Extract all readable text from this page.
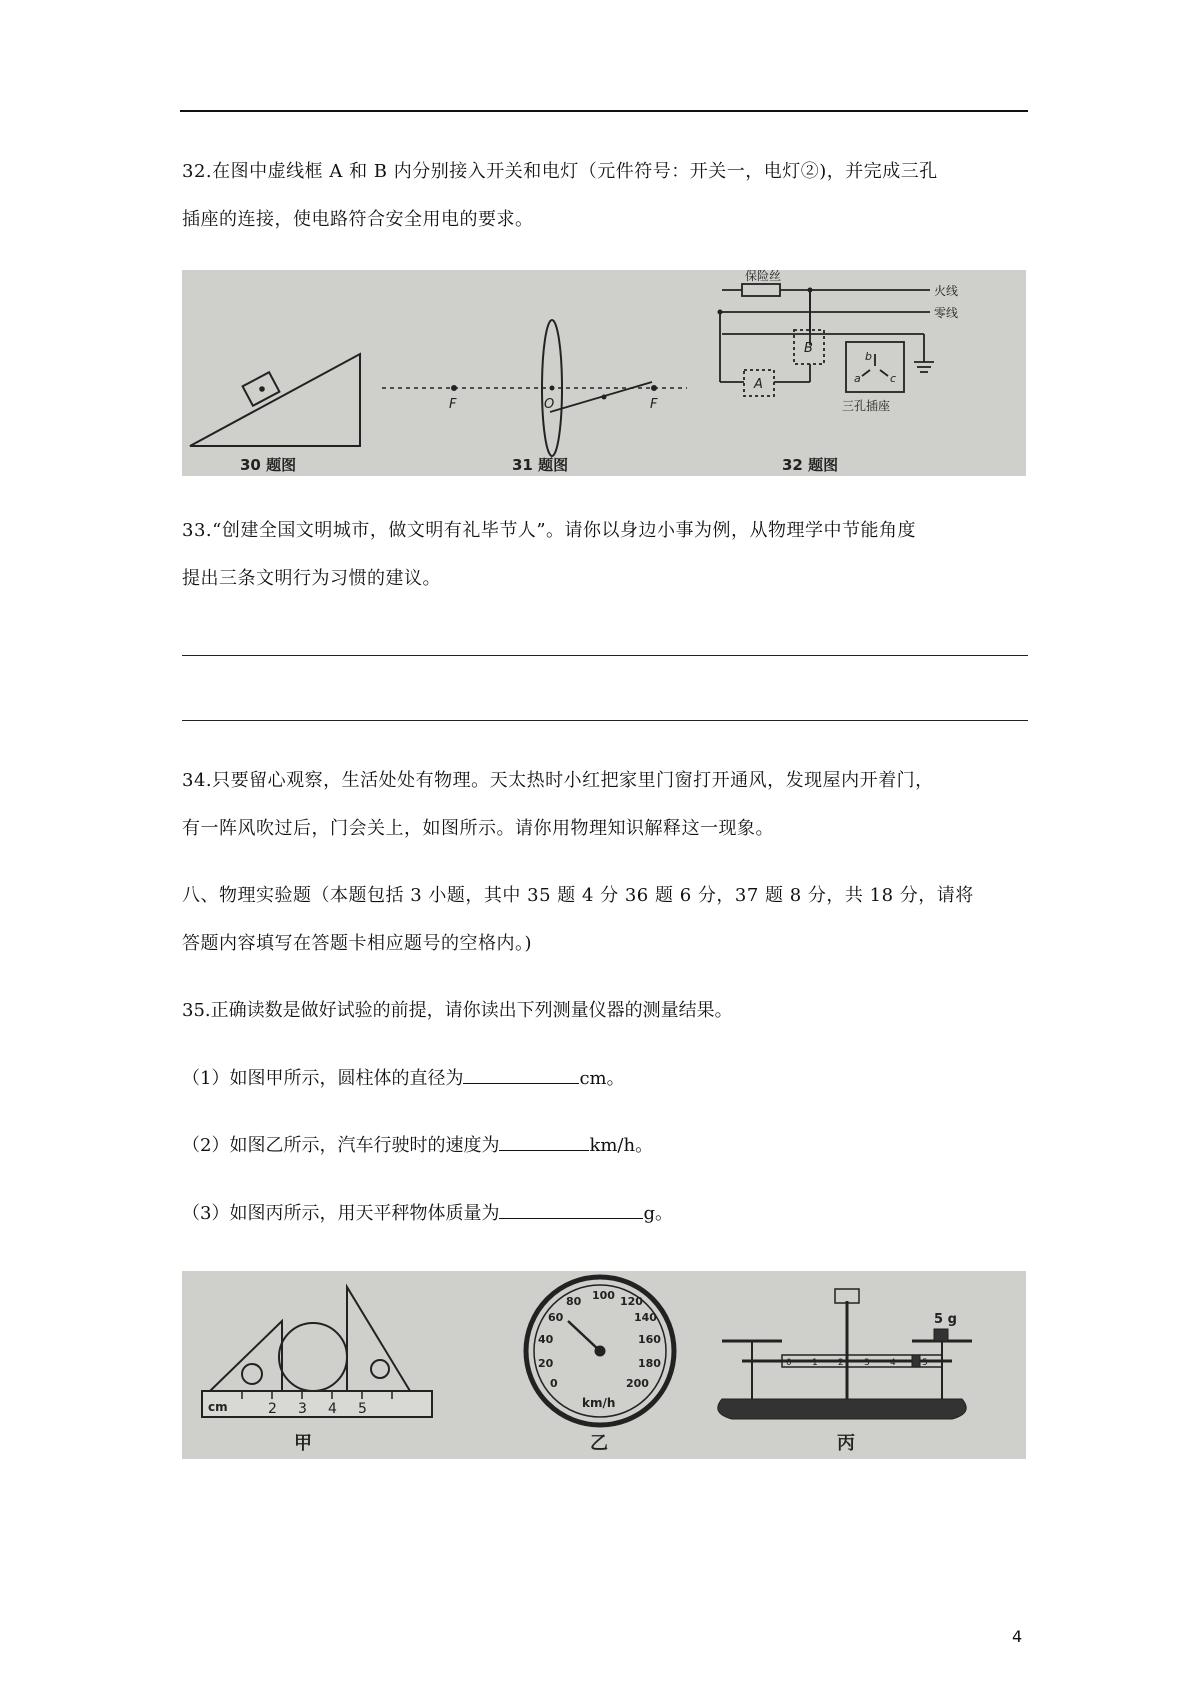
32.在图中虚线框 A 和 B 内分别接入开关和电灯（元件符号：开关一，电灯②)，并完成三孔
插座的连接，使电路符合安全用电的要求。
30 题图
F	O	F
31 题图
保险丝
火线
零线
A
B
b
a	c
三孔插座
32 题图
33.“创建全国文明城市，做文明有礼毕节人”。请你以身边小事为例，从物理学中节能角度
提出三条文明行为习惯的建议。
34.只要留心观察，生活处处有物理。天太热时小红把家里门窗打开通风，发现屋内开着门，
有一阵风吹过后，门会关上，如图所示。请你用物理知识解释这一现象。
八、物理实验题（本题包括 3 小题，其中 35 题 4 分 36 题 6 分，37 题 8 分，共 18 分，请将
答题内容填写在答题卡相应题号的空格内。)
35.正确读数是做好试验的前提，请你读出下列测量仪器的测量结果。
（1）如图甲所示，圆柱体的直径为	cm。
（2）如图乙所示，汽车行驶时的速度为	km/h。
（3）如图丙所示，用天平秤物体质量为	g。
cm	2 3 4 5
甲
20
40
60
80 100 120
140
160
180
200
0
km/h
乙
5 g
0 1 2 3 4	5
丙
4
